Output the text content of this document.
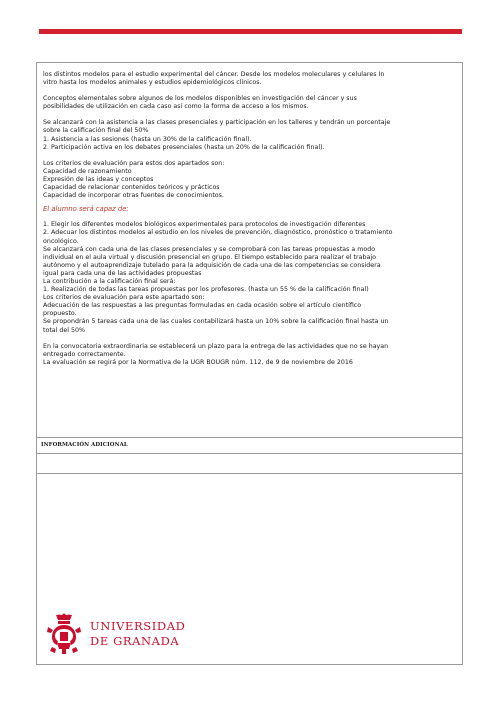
los distintos modelos para el estudio experimental del cáncer. Desde los modelos moleculares y celulares In

vitro hasta los modelos animales y estudios epidemiológicos clínicos.

Conceptos elementales sobre algunos de los modelos disponibles en investigación del cáncer y sus

posibilidades de utilización en cada caso así como la forma de acceso a los mismos.

Se alcanzará con la asistencia a las clases presenciales y participación en los talleres y tendrán un porcentaje

sobre la calificación final del 50%

1. Asistencia a las sesiones (hasta un 30% de la calificación final).

2. Participación activa en los debates presenciales (hasta un 20% de la calificación final).

Los criterios de evaluación para estos dos apartados son:

Capacidad de razonamiento

Expresión de las ideas y conceptos

Capacidad de relacionar contenidos teóricos y prácticos

Capacidad de incorporar otras fuentes de conocimientos.

El alumno será capaz de:

1. Elegir los diferentes modelos biológicos experimentales para protocolos de investigación diferentes

2. Adecuar los distintos modelos al estudio en los niveles de prevención, diagnóstico, pronóstico o tratamiento

oncológico.

Se alcanzará con cada una de las clases presenciales y se comprobará con las tareas propuestas a modo

individual en el aula virtual y discusión presencial en grupo. El tiempo establecido para realizar el trabajo

autónomo y el autoaprendizaje tutelado para la adquisición de cada una de las competencias se considera

igual para cada una de las actividades propuestas

La contribución a la calificación final será:

1. Realización de todas las tareas propuestas por los profesores. (hasta un 55 % de la calificación final)

Los criterios de evaluación para este apartado son:

Adecuación de las respuestas a las preguntas formuladas en cada ocasión sobre el artículo científico

propuesto.

Se propondrán 5 tareas cada una de las cuales contabilizará hasta un 10% sobre la calificación final hasta un

total del 50%

En la convocatoria extraordinaria se establecerá un plazo para la entrega de las actividades que no se hayan

entregado correctamente.

La evaluación se regirá por la Normativa de la UGR BOUGR núm. 112, de 9 de noviembre de 2016

INFORMACIÓN ADICIONAL
UNIVERSIDAD
DE GRANADA
